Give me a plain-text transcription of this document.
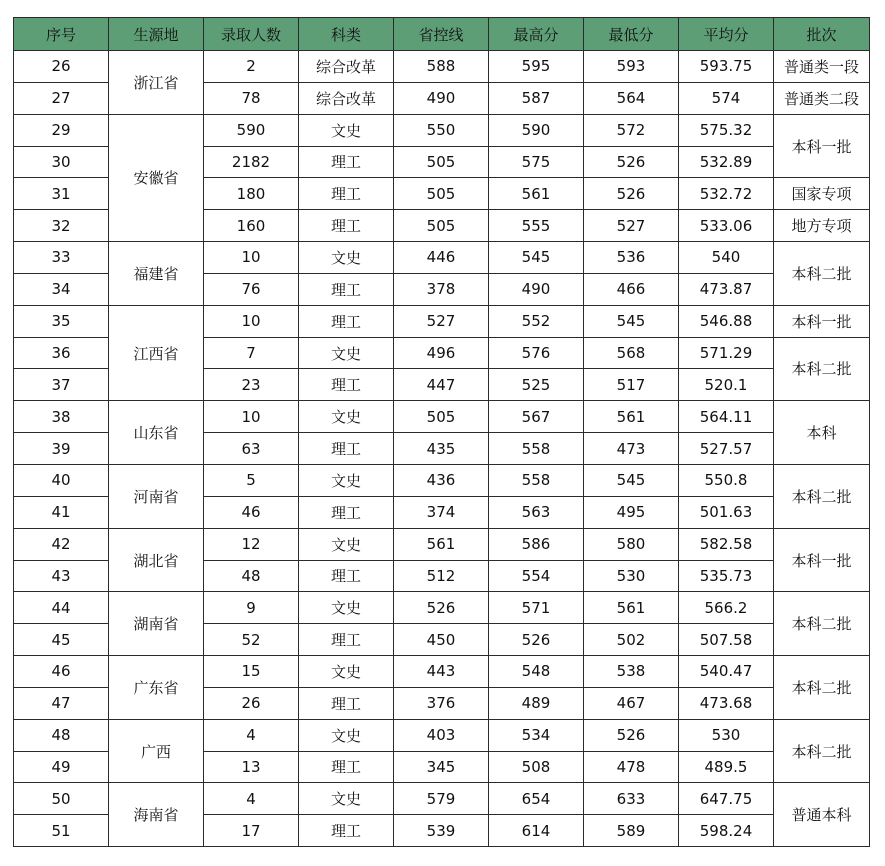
序号	生源地	录取人数	科类	省控线	最高分	最低分	平均分	批次
26	浙江省	2	综合改革	588	595	593	593.75	普通类一段
27		78	综合改革	490	587	564	574	普通类二段
29	安徽省	590	文史	550	590	572	575.32	本科一批
30		2182	理工	505	575	526	532.89	
31		180	理工	505	561	526	532.72	国家专项
32		160	理工	505	555	527	533.06	地方专项
33	福建省	10	文史	446	545	536	540	本科二批
34		76	理工	378	490	466	473.87	
35	江西省	10	理工	527	552	545	546.88	本科一批
36		7	文史	496	576	568	571.29	本科二批
37		23	理工	447	525	517	520.1	
38	山东省	10	文史	505	567	561	564.11	本科
39		63	理工	435	558	473	527.57	
40	河南省	5	文史	436	558	545	550.8	本科二批
41		46	理工	374	563	495	501.63	
42	湖北省	12	文史	561	586	580	582.58	本科一批
43		48	理工	512	554	530	535.73	
44	湖南省	9	文史	526	571	561	566.2	本科二批
45		52	理工	450	526	502	507.58	
46	广东省	15	文史	443	548	538	540.47	本科二批
47		26	理工	376	489	467	473.68	
48	广西	4	文史	403	534	526	530	本科二批
49		13	理工	345	508	478	489.5	
50	海南省	4	文史	579	654	633	647.75	普通本科
51		17	理工	539	614	589	598.24	
